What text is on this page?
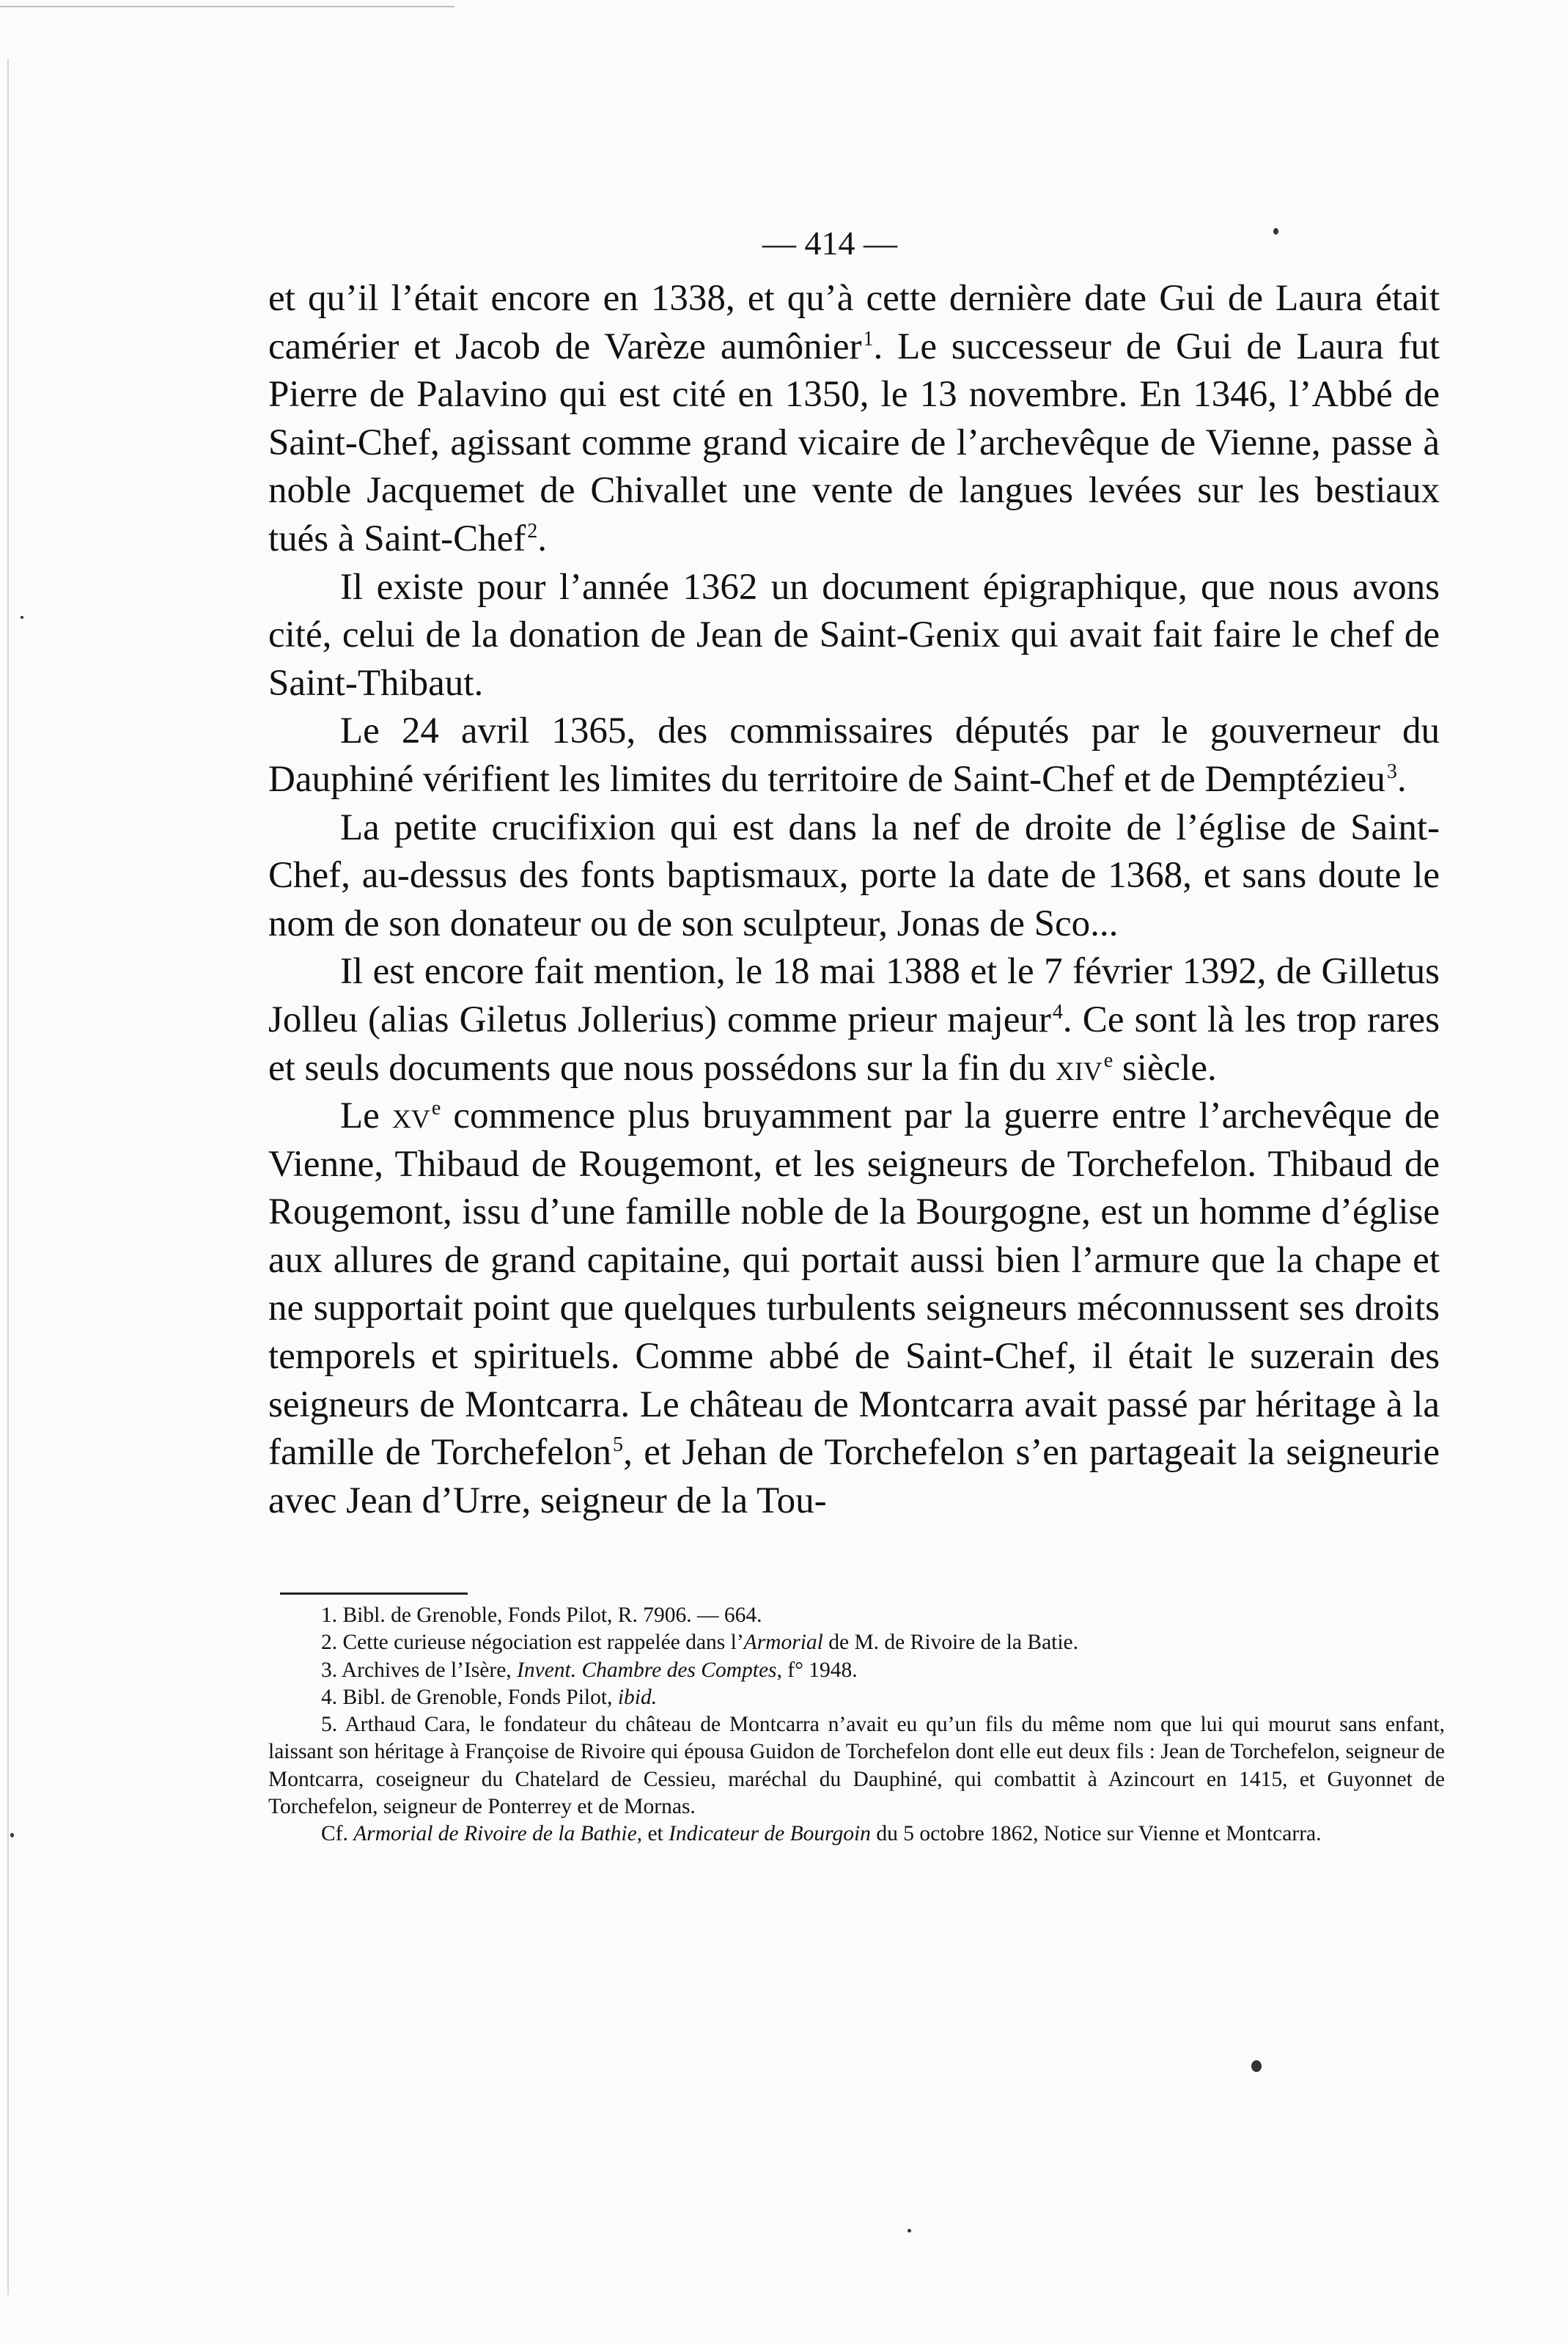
— 414 —

et qu’il l’était encore en 1338, et qu’à cette dernière date Gui de Laura était camérier et Jacob de Varèze aumônier$^1$. Le successeur de Gui de Laura fut Pierre de Palavino qui est cité en 1350, le 13 novembre. En 1346, l’Abbé de Saint-Chef, agissant comme grand vicaire de l’archevêque de Vienne, passe à noble Jacquemet de Chivallet une vente de langues levées sur les bestiaux tués à Saint-Chef$^2$.

Il existe pour l’année 1362 un document épigraphique, que nous avons cité, celui de la donation de Jean de Saint-Genix qui avait fait faire le chef de Saint-Thibaut.

Le 24 avril 1365, des commissaires députés par le gouverneur du Dauphiné vérifient les limites du territoire de Saint-Chef et de Demptézieu$^3$.

La petite crucifixion qui est dans la nef de droite de l’église de Saint-Chef, au-dessus des fonts baptismaux, porte la date de 1368, et sans doute le nom de son donateur ou de son sculpteur, Jonas de Sco...

Il est encore fait mention, le 18 mai 1388 et le 7 février 1392, de Gilletus Jolleu (alias Giletus Jollerius) comme prieur majeur$^4$. Ce sont là les trop rares et seuls documents que nous possédons sur la fin du xiv$^e$ siècle.

Le $xv^e$ commence plus bruyamment par la guerre entre l’archevêque de Vienne, Thibaud de Rougemont, et les seigneurs de Torchefelon. Thibaud de Rougemont, issu d’une famille noble de la Bourgogne, est un homme d’église aux allures de grand capitaine, qui portait aussi bien l’armure que la chape et ne supportait point que quelques turbulents seigneurs méconnussent ses droits temporels et spirituels. Comme abbé de Saint-Chef, il était le suzerain des seigneurs de Montcarra. Le château de Montcarra avait passé par héritage à la famille de Torchefelon$^5$, et Jehan de Torchefelon s’en partageait la seigneurie avec Jean d’Urre, seigneur de la Tou-

1. Bibl. de Grenoble, Fonds Pilot, R. 7906. — 664.

2. Cette curieuse négociation est rappelée dans l’Armorial de M. de Rivoire de la Batie.

3. Archives de l’Isère, Invent. Chambre des Comptes, f° 1948.

4. Bibl. de Grenoble, Fonds Pilot, ibid.

5. Arthaud Cara, le fondateur du château de Montcarra n’avait eu qu’un fils du même nom que lui qui mourut sans enfant, laissant son héritage à Françoise de Rivoire qui épousa Guidon de Torchefelon dont elle eut deux fils : Jean de Torchefelon, seigneur de Montcarra, coseigneur du Chatelard de Cessieu, maréchal du Dauphiné, qui combattit à Azincourt en 1415, et Guyonnet de Torchefelon, seigneur de Ponterrey et de Mornas.

Cf. Armorial de Rivoire de la Bathie, et Indicateur de Bourgoin du 5 octobre 1862, Notice sur Vienne et Montcarra.
